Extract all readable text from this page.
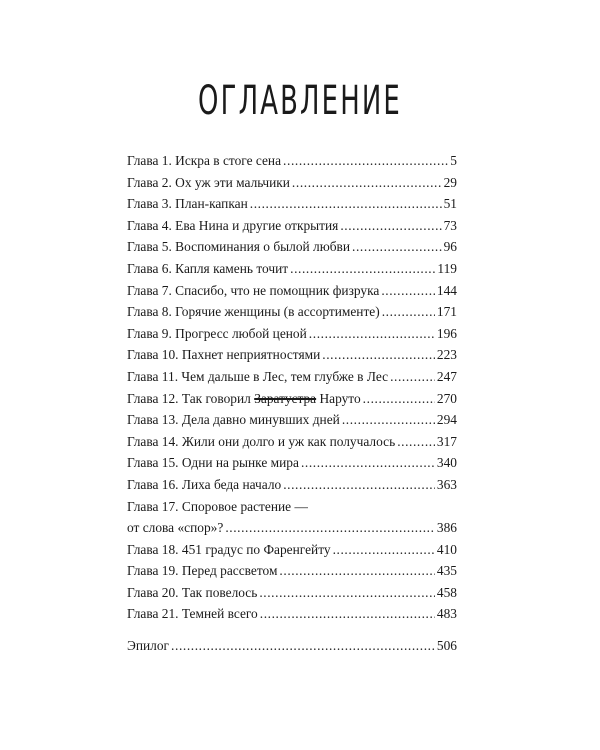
ОГЛАВЛЕНИЕ
Глава 1. Искра в стоге сена .....	5
Глава 2. Ох уж эти мальчики .....	29
Глава 3. План-капкан .....	51
Глава 4. Ева Нина и другие открытия .....	73
Глава 5. Воспоминания о былой любви .....	96
Глава 6. Капля камень точит .....	119
Глава 7. Спасибо, что не помощник физрука .....	144
Глава 8. Горячие женщины (в ассортименте) .....	171
Глава 9. Прогресс любой ценой .....	196
Глава 10. Пахнет неприятностями .....	223
Глава 11. Чем дальше в Лес, тем глубже в Лес .....	247
Глава 12. Так говорил Заратустра Наруто .....	270
Глава 13. Дела давно минувших дней .....	294
Глава 14. Жили они долго и уж как получалось .....	317
Глава 15. Одни на рынке мира .....	340
Глава 16. Лиха беда начало .....	363
Глава 17. Споровое растение —
от слова «спор»? .....	386
Глава 18. 451 градус по Фаренгейту .....	410
Глава 19. Перед рассветом .....	435
Глава 20. Так повелось .....	458
Глава 21. Темней всего .....	483
Эпилог .....	506
